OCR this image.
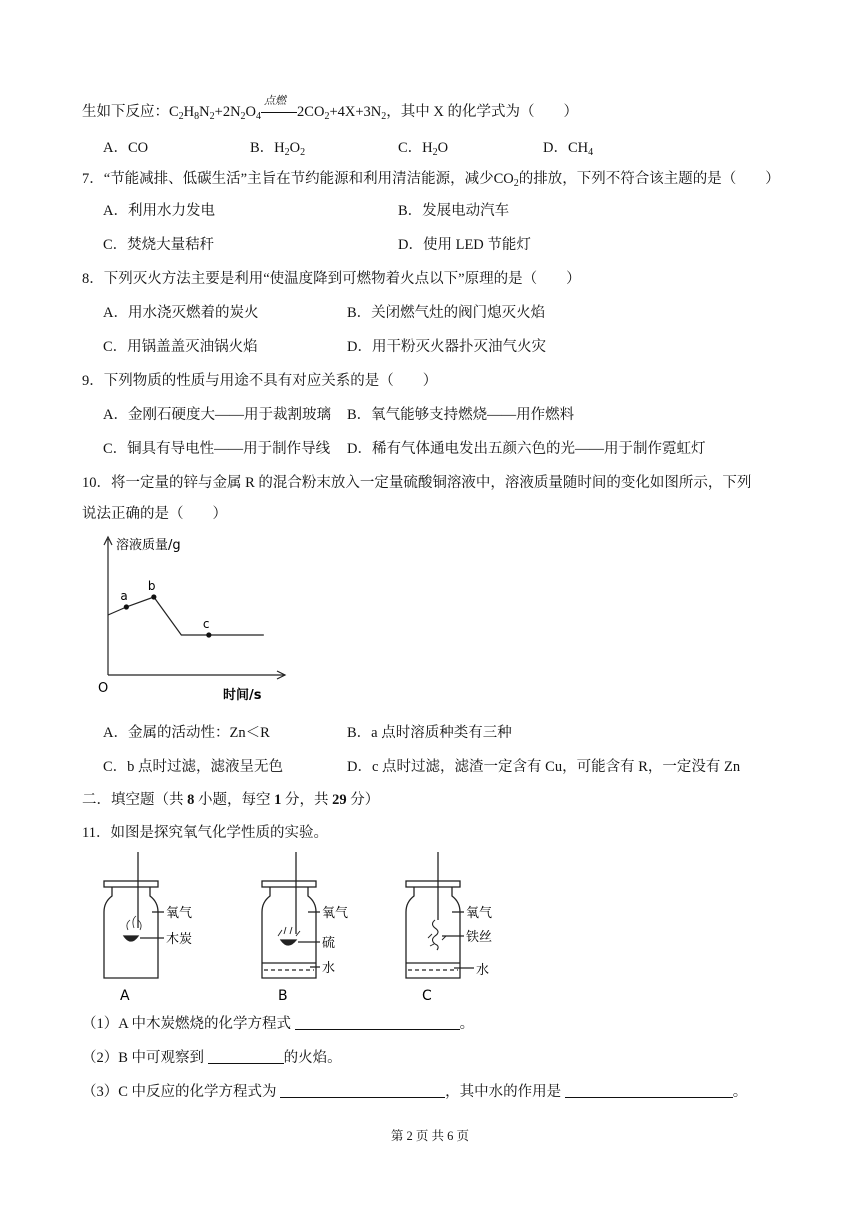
生如下反应：$C_2H_8N_2+2N_2O_4$
点燃
$2CO_2+4X+3N_2$，其中 X 的化学式为（　　）
A．CO	B．$H_2O_2$	C．$H_2O$	D．$CH_4$
7．“节能减排、低碳生活”主旨在节约能源和利用清洁能源，减少$CO_2$的排放，下列不符合该主题的是（　　）
A．利用水力发电	B．发展电动汽车
C．焚烧大量秸秆	D．使用 LED 节能灯
8．下列灭火方法主要是利用“使温度降到可燃物着火点以下”原理的是（　　）
A．用水浇灭燃着的炭火	B．关闭燃气灶的阀门熄灭火焰
C．用锅盖盖灭油锅火焰	D．用干粉灭火器扑灭油气火灾
9．下列物质的性质与用途不具有对应关系的是（　　）
A．金刚石硬度大——用于裁割玻璃 B．氧气能够支持燃烧——用作燃料
C．铜具有导电性——用于制作导线 D．稀有气体通电发出五颜六色的光——用于制作霓虹灯
10．将一定量的锌与金属 R 的混合粉末放入一定量硫酸铜溶液中，溶液质量随时间的变化如图所示，下列
说法正确的是（　　）
溶液质量/g
时间/s
O
a
b
c
A．金属的活动性：Zn＜R	B．a 点时溶质种类有三种
C．b 点时过滤，滤液呈无色	D．c 点时过滤，滤渣一定含有 Cu，可能含有 R，一定没有 Zn
二．填空题（共 8 小题，每空 1 分，共 29 分）
11．如图是探究氧气化学性质的实验。
氧气
木炭
A
氧气
硫
水
B
氧气
铁丝
水
C
（1）A 中木炭燃烧的化学方程式	。
（2）B 中可观察到	的火焰。
（3）C 中反应的化学方程式为	，其中水的作用是	。
第 2 页 共 6 页
